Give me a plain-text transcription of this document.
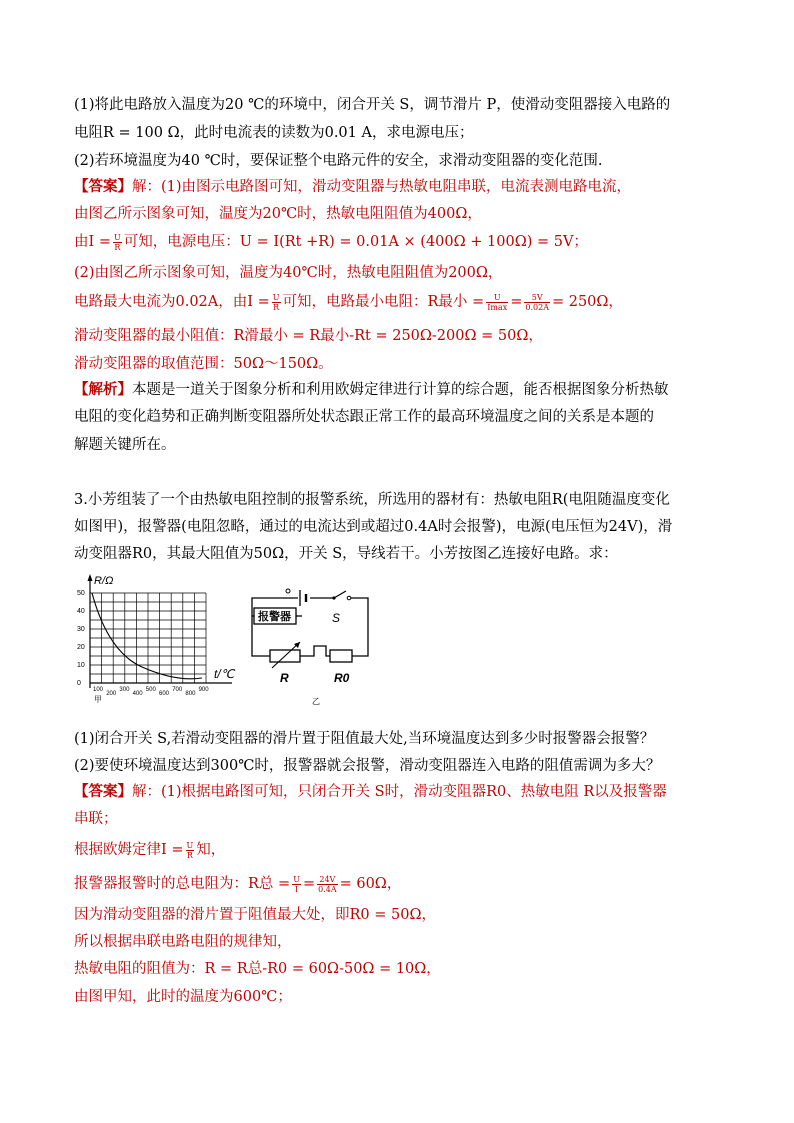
(1)将此电路放入温度为20 ℃的环境中，闭合开关 S，调节滑片 P，使滑动变阻器接入电路的
电阻R = 100 Ω，此时电流表的读数为0.01 A，求电源电压；
(2)若环境温度为40 ℃时，要保证整个电路元件的安全，求滑动变阻器的变化范围.
【答案】解：(1)由图示电路图可知，滑动变阻器与热敏电阻串联，电流表测电路电流，
由图乙所示图象可知，温度为20℃时，热敏电阻阻值为400Ω，
由$I = \frac{U}{R}$ 可知，电源电压：U = I(Rt +R) = 0.01A × (400Ω + 100Ω) = 5V；
(2)由图乙所示图象可知，温度为40℃时，热敏电阻阻值为200Ω，
电路最大电流为0.02A，由$I = \frac{U}{R}$ 可知，电路最小电阻：R最小 = $\frac{U}{Imax} = \frac{5V}{0.02A} = 250\Omega$，
滑动变阻器的最小阻值：R滑最小 = R最小-Rt = 250Ω-200Ω = 50Ω，
滑动变阻器的取值范围：50Ω～150Ω。
【解析】本题是一道关于图象分析和利用欧姆定律进行计算的综合题，能否根据图象分析热敏
电阻的变化趋势和正确判断变阻器所处状态跟正常工作的最高环境温度之间的关系是本题的
解题关键所在。
3.小芳组装了一个由热敏电阻控制的报警系统，所选用的器材有：热敏电阻R(电阻随温度变化
如图甲)，报警器(电阻忽略，通过的电流达到或超过0.4A时会报警)，电源(电压恒为24V)，滑
动变阻器R0，其最大阻值为50Ω，开关 S，导线若干。小芳按图乙连接好电路。求：
R/Ω
t/℃
50
40
30
20
10
0
100
200
300
400
500
600
700
800
900
甲
报警器	S
R	R0
乙
(1)闭合开关 S,若滑动变阻器的滑片置于阻值最大处,当环境温度达到多少时报警器会报警？
(2)要使环境温度达到300℃时，报警器就会报警，滑动变阻器连入电路的阻值需调为多大？
【答案】解：(1)根据电路图可知，只闭合开关 S时，滑动变阻器R0、热敏电阻 R以及报警器
串联；
根据欧姆定律$I = \frac{U}{R}$ 知，
报警器报警时的总电阻为：R总 = $\frac{U}{I} = \frac{24V}{0.4A} = 60\Omega$，
因为滑动变阻器的滑片置于阻值最大处，即R0 = 50Ω，
所以根据串联电路电阻的规律知，
热敏电阻的阻值为：R = R总-R0 = 60Ω-50Ω = 10Ω，
由图甲知，此时的温度为600℃；
